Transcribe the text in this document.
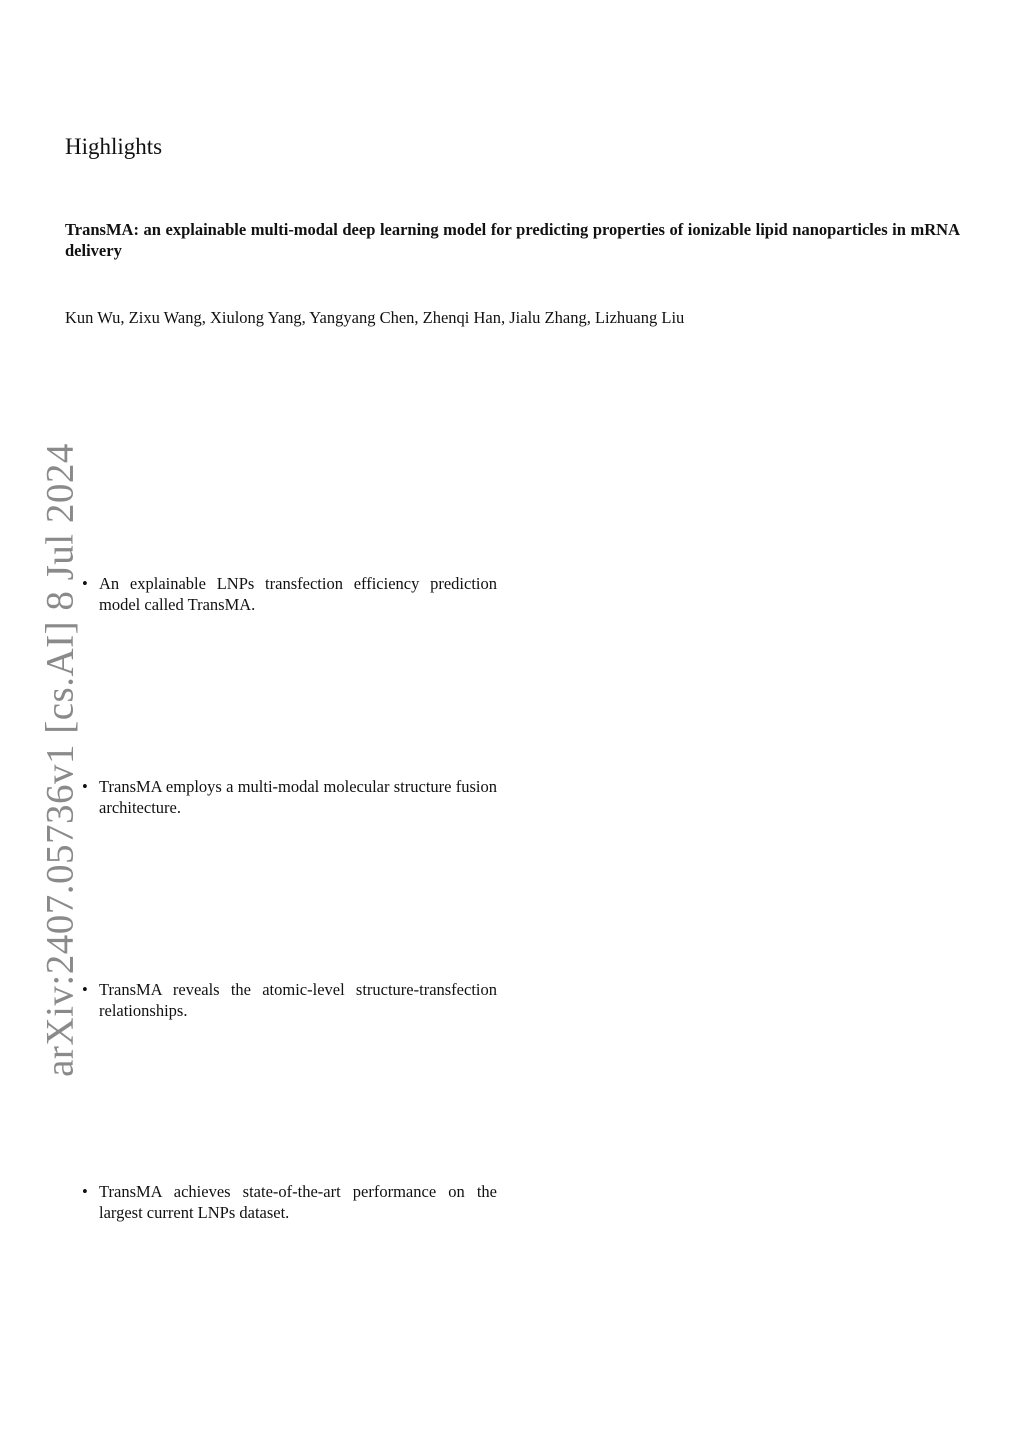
arXiv:2407.05736v1 [cs.AI] 8 Jul 2024
Highlights

TransMA: an explainable multi-modal deep learning model for predicting properties of ionizable lipid nanoparticles in mRNA delivery

Kun Wu, Zixu Wang, Xiulong Yang, Yangyang Chen, Zhenqi Han, Jialu Zhang, Lizhuang Liu

• An explainable LNPs transfection efficiency prediction model called TransMA.
• TransMA employs a multi-modal molecular structure fusion architecture.
• TransMA reveals the atomic-level structure-transfection relationships.
• TransMA achieves state-of-the-art performance on the largest current LNPs dataset.
